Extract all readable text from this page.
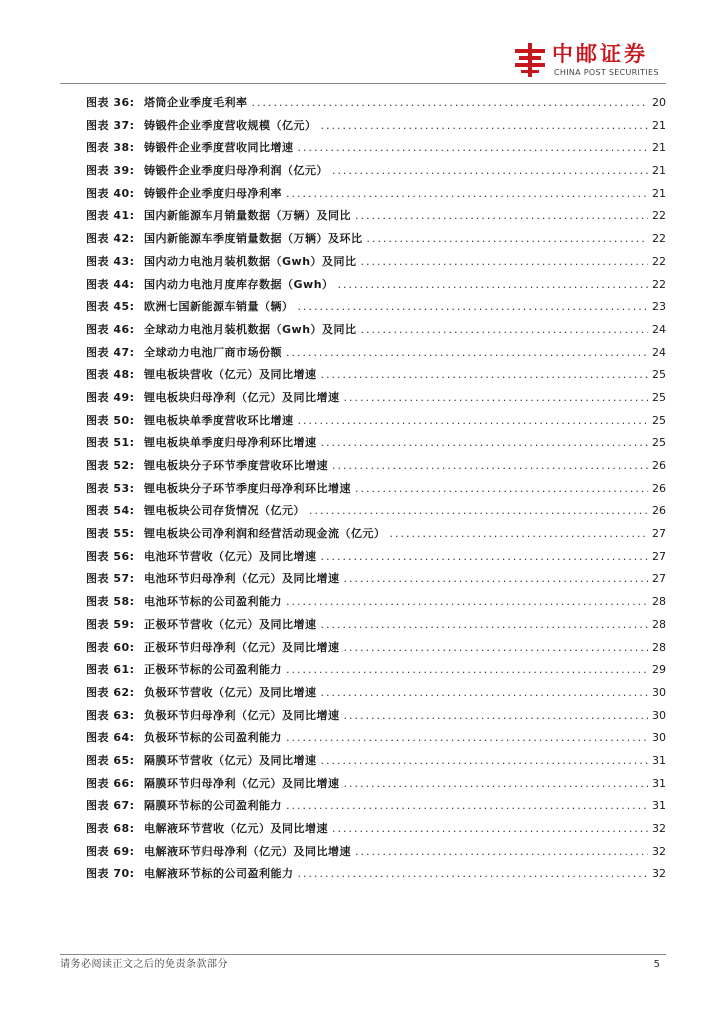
中邮证券
CHINA POST SECURITIES
图表 36: 塔筒企业季度毛利率 .....	20
图表 37: 铸锻件企业季度营收规模（亿元） .....	21
图表 38: 铸锻件企业季度营收同比增速 .....	21
图表 39: 铸锻件企业季度归母净利润（亿元） .....	21
图表 40: 铸锻件企业季度归母净利率 .....	21
图表 41: 国内新能源车月销量数据（万辆）及同比 .....	22
图表 42: 国内新能源车季度销量数据（万辆）及环比 .....	22
图表 43: 国内动力电池月装机数据（Gwh）及同比 .....	22
图表 44: 国内动力电池月度库存数据（Gwh） .....	22
图表 45: 欧洲七国新能源车销量（辆） .....	23
图表 46: 全球动力电池月装机数据（Gwh）及同比 .....	24
图表 47: 全球动力电池厂商市场份额 .....	24
图表 48: 锂电板块营收（亿元）及同比增速 .....	25
图表 49: 锂电板块归母净利（亿元）及同比增速 .....	25
图表 50: 锂电板块单季度营收环比增速 .....	25
图表 51: 锂电板块单季度归母净利环比增速 .....	25
图表 52: 锂电板块分子环节季度营收环比增速 .....	26
图表 53: 锂电板块分子环节季度归母净利环比增速 .....	26
图表 54: 锂电板块公司存货情况（亿元） .....	26
图表 55: 锂电板块公司净利润和经营活动现金流（亿元） .....	27
图表 56: 电池环节营收（亿元）及同比增速 .....	27
图表 57: 电池环节归母净利（亿元）及同比增速 .....	27
图表 58: 电池环节标的公司盈利能力 .....	28
图表 59: 正极环节营收（亿元）及同比增速 .....	28
图表 60: 正极环节归母净利（亿元）及同比增速 .....	28
图表 61: 正极环节标的公司盈利能力 .....	29
图表 62: 负极环节营收（亿元）及同比增速 .....	30
图表 63: 负极环节归母净利（亿元）及同比增速 .....	30
图表 64: 负极环节标的公司盈利能力 .....	30
图表 65: 隔膜环节营收（亿元）及同比增速 .....	31
图表 66: 隔膜环节归母净利（亿元）及同比增速 .....	31
图表 67: 隔膜环节标的公司盈利能力 .....	31
图表 68: 电解液环节营收（亿元）及同比增速 .....	32
图表 69: 电解液环节归母净利（亿元）及同比增速 .....	32
图表 70: 电解液环节标的公司盈利能力 .....	32
请务必阅读正文之后的免责条款部分	5
